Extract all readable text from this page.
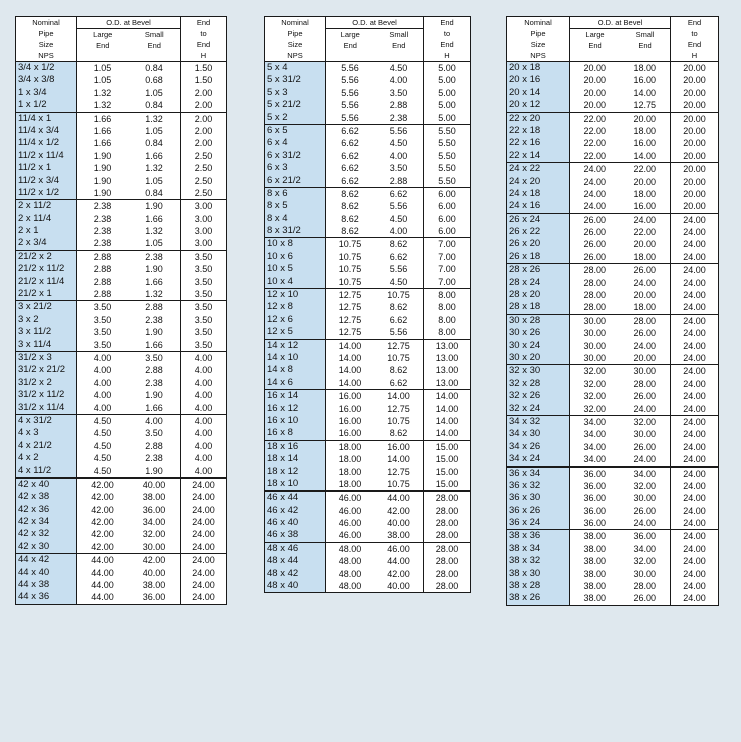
Nominal
Pipe
Size
NPS
O.D. at Bevel
Large	Small
End	End
End
to
End
H
3/4 x 1/2	1.05	0.84	1.50
3/4 x 3/8	1.05	0.68	1.50
1 x 3/4	1.32	1.05	2.00
1 x 1/2	1.32	0.84	2.00
11/4 x 1	1.66	1.32	2.00
11/4 x 3/4	1.66	1.05	2.00
11/4 x 1/2	1.66	0.84	2.00
11/2 x 11/4	1.90	1.66	2.50
11/2 x 1	1.90	1.32	2.50
11/2 x 3/4	1.90	1.05	2.50
11/2 x 1/2	1.90	0.84	2.50
2 x 11/2	2.38	1.90	3.00
2 x 11/4	2.38	1.66	3.00
2 x 1	2.38	1.32	3.00
2 x 3/4	2.38	1.05	3.00
21/2 x 2	2.88	2.38	3.50
21/2 x 11/2	2.88	1.90	3.50
21/2 x 11/4	2.88	1.66	3.50
21/2 x 1	2.88	1.32	3.50
3 x 21/2	3.50	2.88	3.50
3 x 2	3.50	2.38	3.50
3 x 11/2	3.50	1.90	3.50
3 x 11/4	3.50	1.66	3.50
31/2 x 3	4.00	3.50	4.00
31/2 x 21/2	4.00	2.88	4.00
31/2 x 2	4.00	2.38	4.00
31/2 x 11/2	4.00	1.90	4.00
31/2 x 11/4	4.00	1.66	4.00
4 x 31/2	4.50	4.00	4.00
4 x 3	4.50	3.50	4.00
4 x 21/2	4.50	2.88	4.00
4 x 2	4.50	2.38	4.00
4 x 11/2	4.50	1.90	4.00
42 x 40	42.00	40.00	24.00
42 x 38	42.00	38.00	24.00
42 x 36	42.00	36.00	24.00
42 x 34	42.00	34.00	24.00
42 x 32	42.00	32.00	24.00
42 x 30	42.00	30.00	24.00
44 x 42	44.00	42.00	24.00
44 x 40	44.00	40.00	24.00
44 x 38	44.00	38.00	24.00
44 x 36	44.00	36.00	24.00
Nominal
Pipe
Size
NPS
O.D. at Bevel
Large	Small
End	End
End
to
End
H
5 x 4	5.56	4.50	5.00
5 x 31/2	5.56	4.00	5.00
5 x 3	5.56	3.50	5.00
5 x 21/2	5.56	2.88	5.00
5 x 2	5.56	2.38	5.00
6 x 5	6.62	5.56	5.50
6 x 4	6.62	4.50	5.50
6 x 31/2	6.62	4.00	5.50
6 x 3	6.62	3.50	5.50
6 x 21/2	6.62	2.88	5.50
8 x 6	8.62	6.62	6.00
8 x 5	8.62	5.56	6.00
8 x 4	8.62	4.50	6.00
8 x 31/2	8.62	4.00	6.00
10 x 8	10.75	8.62	7.00
10 x 6	10.75	6.62	7.00
10 x 5	10.75	5.56	7.00
10 x 4	10.75	4.50	7.00
12 x 10	12.75	10.75	8.00
12 x 8	12.75	8.62	8.00
12 x 6	12.75	6.62	8.00
12 x 5	12.75	5.56	8.00
14 x 12	14.00	12.75	13.00
14 x 10	14.00	10.75	13.00
14 x 8	14.00	8.62	13.00
14 x 6	14.00	6.62	13.00
16 x 14	16.00	14.00	14.00
16 x 12	16.00	12.75	14.00
16 x 10	16.00	10.75	14.00
16 x 8	16.00	8.62	14.00
18 x 16	18.00	16.00	15.00
18 x 14	18.00	14.00	15.00
18 x 12	18.00	12.75	15.00
18 x 10	18.00	10.75	15.00
46 x 44	46.00	44.00	28.00
46 x 42	46.00	42.00	28.00
46 x 40	46.00	40.00	28.00
46 x 38	46.00	38.00	28.00
48 x 46	48.00	46.00	28.00
48 x 44	48.00	44.00	28.00
48 x 42	48.00	42.00	28.00
48 x 40	48.00	40.00	28.00
Nominal
Pipe
Size
NPS
O.D. at Bevel
Large	Small
End	End
End
to
End
H
20 x 18	20.00	18.00	20.00
20 x 16	20.00	16.00	20.00
20 x 14	20.00	14.00	20.00
20 x 12	20.00	12.75	20.00
22 x 20	22.00	20.00	20.00
22 x 18	22.00	18.00	20.00
22 x 16	22.00	16.00	20.00
22 x 14	22.00	14.00	20.00
24 x 22	24.00	22.00	20.00
24 x 20	24.00	20.00	20.00
24 x 18	24.00	18.00	20.00
24 x 16	24.00	16.00	20.00
26 x 24	26.00	24.00	24.00
26 x 22	26.00	22.00	24.00
26 x 20	26.00	20.00	24.00
26 x 18	26.00	18.00	24.00
28 x 26	28.00	26.00	24.00
28 x 24	28.00	24.00	24.00
28 x 20	28.00	20.00	24.00
28 x 18	28.00	18.00	24.00
30 x 28	30.00	28.00	24.00
30 x 26	30.00	26.00	24.00
30 x 24	30.00	24.00	24.00
30 x 20	30.00	20.00	24.00
32 x 30	32.00	30.00	24.00
32 x 28	32.00	28.00	24.00
32 x 26	32.00	26.00	24.00
32 x 24	32.00	24.00	24.00
34 x 32	34.00	32.00	24.00
34 x 30	34.00	30.00	24.00
34 x 26	34.00	26.00	24.00
34 x 24	34.00	24.00	24.00
36 x 34	36.00	34.00	24.00
36 x 32	36.00	32.00	24.00
36 x 30	36.00	30.00	24.00
36 x 26	36.00	26.00	24.00
36 x 24	36.00	24.00	24.00
38 x 36	38.00	36.00	24.00
38 x 34	38.00	34.00	24.00
38 x 32	38.00	32.00	24.00
38 x 30	38.00	30.00	24.00
38 x 28	38.00	28.00	24.00
38 x 26	38.00	26.00	24.00
